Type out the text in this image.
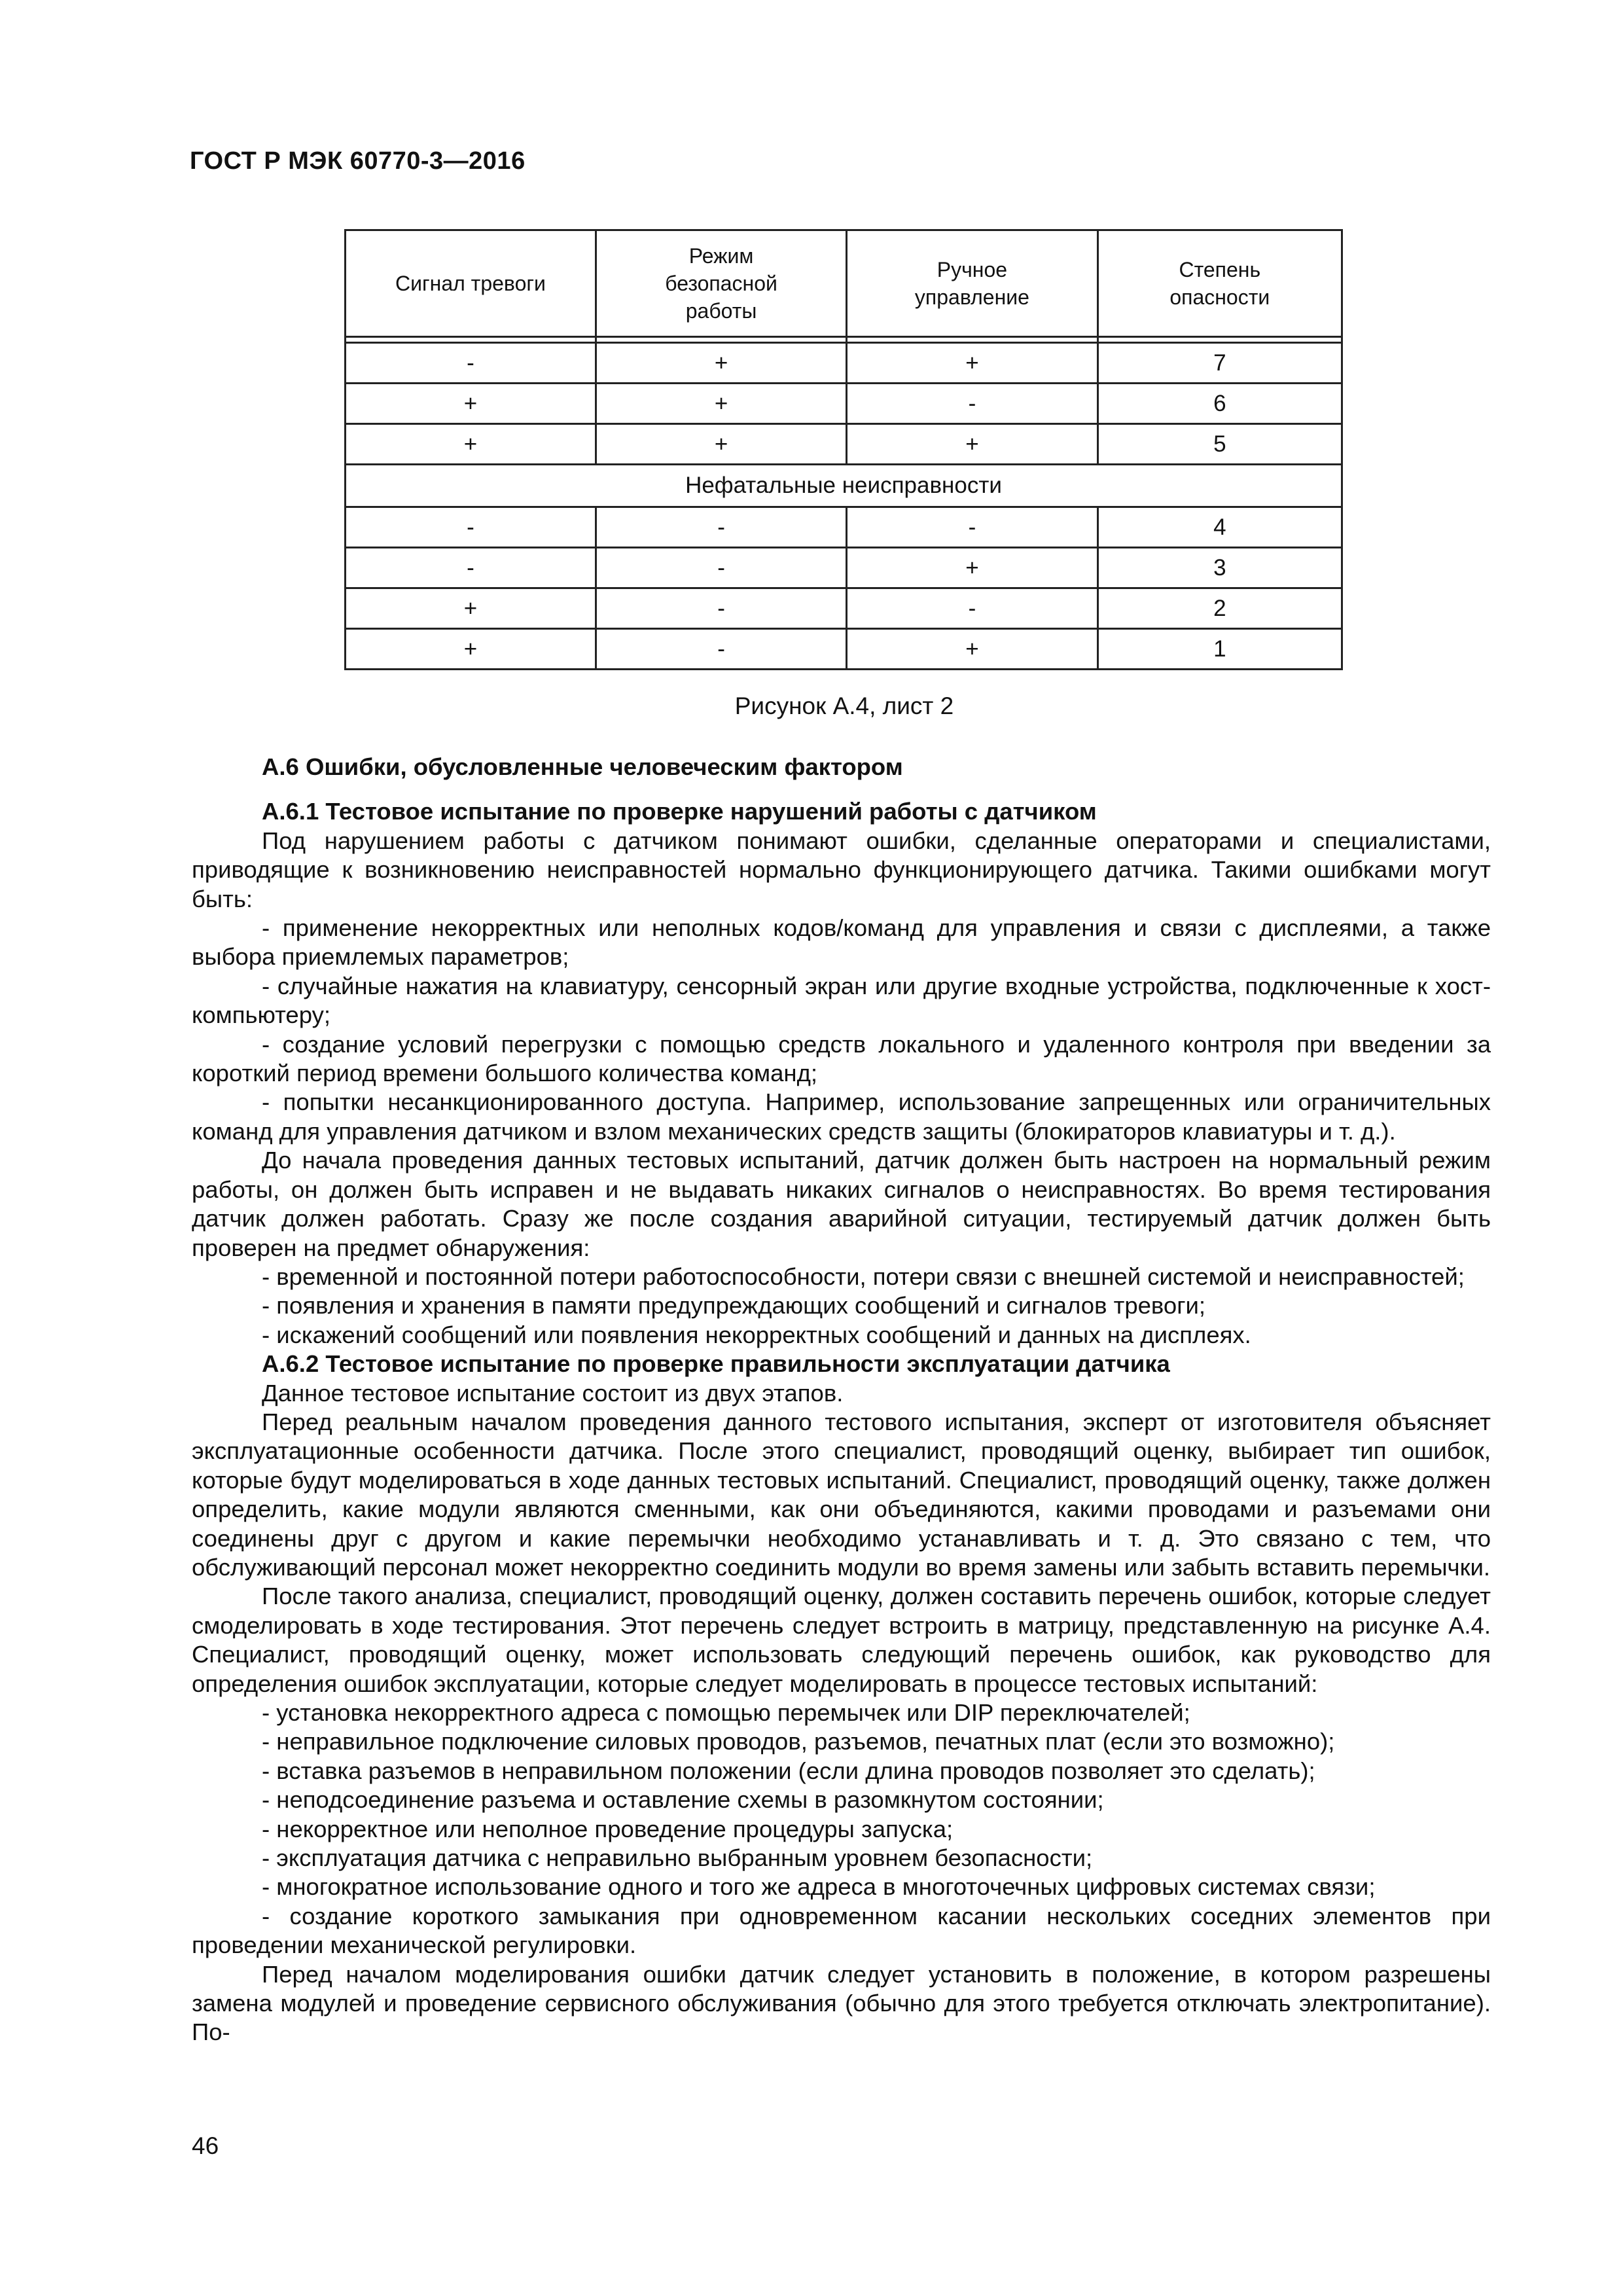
ГОСТ Р МЭК 60770-3—2016
Сигнал тревоги	Режим безопасной работы	Ручное управление	Степень опасности

-	+	+	7
+	+	-	6
+	+	+	5
Нефатальные неисправности			
-	-	-	4
-	-	+	3
+	-	-	2
+	-	+	1
Рисунок А.4, лист 2
А.6 Ошибки, обусловленные человеческим фактором
А.6.1 Тестовое испытание по проверке нарушений работы с датчиком

Под нарушением работы с датчиком понимают ошибки, сделанные операторами и специалистами, приводящие к возникновению неисправностей нормально функционирующего датчика. Такими ошибками могут быть:

- применение некорректных или неполных кодов/команд для управления и связи с дисплеями, а также выбора приемлемых параметров;

- случайные нажатия на клавиатуру, сенсорный экран или другие входные устройства, подключенные к хост-компьютеру;

- создание условий перегрузки с помощью средств локального и удаленного контроля при введении за короткий период времени большого количества команд;

- попытки несанкционированного доступа. Например, использование запрещенных или ограничительных команд для управления датчиком и взлом механических средств защиты (блокираторов клавиатуры и т. д.).

До начала проведения данных тестовых испытаний, датчик должен быть настроен на нормальный режим работы, он должен быть исправен и не выдавать никаких сигналов о неисправностях. Во время тестирования датчик должен работать. Сразу же после создания аварийной ситуации, тестируемый датчик должен быть проверен на предмет обнаружения:

- временной и постоянной потери работоспособности, потери связи с внешней системой и неисправностей;

- появления и хранения в памяти предупреждающих сообщений и сигналов тревоги;

- искажений сообщений или появления некорректных сообщений и данных на дисплеях.

А.6.2 Тестовое испытание по проверке правильности эксплуатации датчика

Данное тестовое испытание состоит из двух этапов.

Перед реальным началом проведения данного тестового испытания, эксперт от изготовителя объясняет эксплуатационные особенности датчика. После этого специалист, проводящий оценку, выбирает тип ошибок, которые будут моделироваться в ходе данных тестовых испытаний. Специалист, проводящий оценку, также должен определить, какие модули являются сменными, как они объединяются, какими проводами и разъемами они соединены друг с другом и какие перемычки необходимо устанавливать и т. д. Это связано с тем, что обслуживающий персонал может некорректно соединить модули во время замены или забыть вставить перемычки.

После такого анализа, специалист, проводящий оценку, должен составить перечень ошибок, которые следует смоделировать в ходе тестирования. Этот перечень следует встроить в матрицу, представленную на рисунке А.4. Специалист, проводящий оценку, может использовать следующий перечень ошибок, как руководство для определения ошибок эксплуатации, которые следует моделировать в процессе тестовых испытаний:

- установка некорректного адреса с помощью перемычек или DIP переключателей;

- неправильное подключение силовых проводов, разъемов, печатных плат (если это возможно);

- вставка разъемов в неправильном положении (если длина проводов позволяет это сделать);

- неподсоединение разъема и оставление схемы в разомкнутом состоянии;

- некорректное или неполное проведение процедуры запуска;

- эксплуатация датчика с неправильно выбранным уровнем безопасности;

- многократное использование одного и того же адреса в многоточечных цифровых системах связи;

- создание короткого замыкания при одновременном касании нескольких соседних элементов при проведении механической регулировки.

Перед началом моделирования ошибки датчик следует установить в положение, в котором разрешены замена модулей и проведение сервисного обслуживания (обычно для этого требуется отключать электропитание). По-

46
